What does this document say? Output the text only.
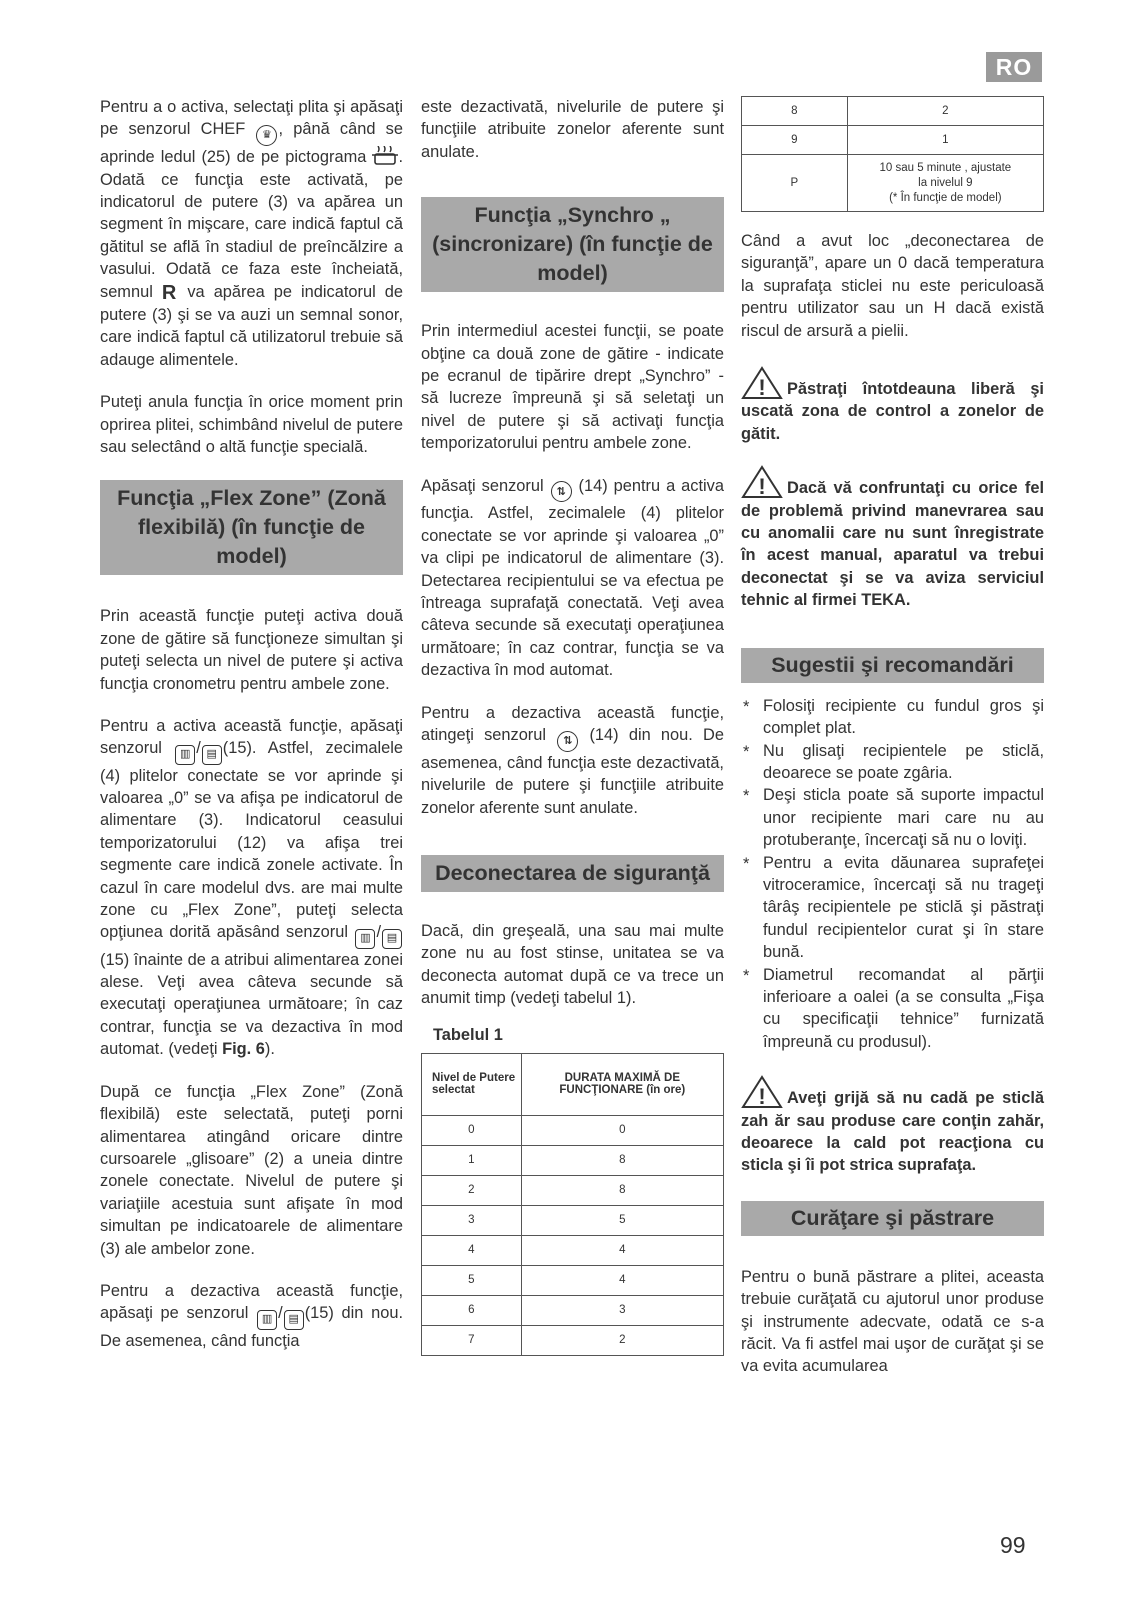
RO

Pentru a o activa, selectaţi plita şi apăsaţi pe senzorul CHEF ♛ , până când se aprinde ledul (25) de pe pictograma . Odată ce funcţia este activată, pe indicatorul de putere (3) va apărea un segment în mişcare, care indică faptul că gătitul se află în stadiul de preîncălzire a vasului. Odată ce faza este încheiată, semnul R va apărea pe indicatorul de putere (3) şi se va auzi un semnal sonor, care indică faptul că utilizatorul trebuie să adauge alimentele.

Puteţi anula funcţia în orice moment prin oprirea plitei, schimbând nivelul de putere sau selectând o altă funcţie specială.

Funcţia „Flex Zone” (Zonă flexibilă) (în funcţie de model)

Prin această funcţie puteţi activa două zone de gătire să funcţioneze simultan şi puteţi selecta un nivel de putere şi activa funcţia cronometru pentru ambele zone.

Pentru a activa această funcţie, apăsaţi senzorul ▥ / ▤ (15). Astfel, zecimalele (4) plitelor conectate se vor aprinde şi valoarea „0” se va afişa pe indicatorul de alimentare (3). Indicatorul ceasului temporizatorului (12) va afişa trei segmente care indică zonele activate. În cazul în care modelul dvs. are mai multe zone cu „Flex Zone”, puteţi selecta opţiunea dorită apăsând senzorul ▥ / ▤(15) înainte de a atribui alimentarea zonei alese. Veţi avea câteva secunde să executaţi operaţiunea următoare; în caz contrar, funcţia se va dezactiva în mod automat. (vedeţi Fig. 6).

După ce funcţia „Flex Zone” (Zonă flexibilă) este selectată, puteţi porni alimentarea atingând oricare dintre cursoarele „glisoare” (2) a uneia dintre zonele conectate. Nivelul de putere şi variaţiile acestuia sunt afişate în mod simultan pe indicatoarele de alimentare (3) ale ambelor zone.

Pentru a dezactiva această funcţie, apăsaţi pe senzorul ▥ / ▤ (15) din nou. De asemenea, când funcţia

este dezactivată, nivelurile de putere şi funcţiile atribuite zonelor aferente sunt anulate.

Funcţia „Synchro „ (sincronizare) (în funcţie de model)

Prin intermediul acestei funcţii, se poate obţine ca două zone de gătire - indicate pe ecranul de tipărire drept „Synchro” - să lucreze împreună şi să seletaţi un nivel de putere şi să activaţi funcţia temporizatorului pentru ambele zone.

Apăsaţi senzorul ⇅ (14) pentru a activa funcţia. Astfel, zecimalele (4) plitelor conectate se vor aprinde şi valoarea „0” va clipi pe indicatorul de alimentare (3). Detectarea recipientului se va efectua pe întreaga suprafaţă conectată. Veţi avea câteva secunde să executaţi operaţiunea următoare; în caz contrar, funcţia se va dezactiva în mod automat.

Pentru a dezactiva această funcţie, atingeţi senzorul ⇅ (14) din nou. De asemenea, când funcţia este dezactivată, nivelurile de putere şi funcţiile atribuite zonelor aferente sunt anulate.

Deconectarea de siguranţă

Dacă, din greşeală, una sau mai multe zone nu au fost stinse, unitatea se va deconecta automat după ce va trece un anumit timp (vedeţi tabelul 1).

Tabelul 1
Nivel de Putere selectat	DURATA MAXIMĂ DE FUNCŢIONARE (în ore)
0	0
1	8
2	8
3	5
4	4
5	4
6	3
7	2
8	2
9	1
P	10 sau 5 minute , ajustate
la nivelul 9
(* În funcţie de model)

Când a avut loc „deconectarea de siguranţă”, apare un 0 dacă temperatura la suprafaţa sticlei nu este periculoasă pentru utilizator sau un H dacă există riscul de arsură a pielii.

! Păstraţi întotdeauna liberă şi uscată zona de control a zonelor de gătit.

! Dacă vă confruntaţi cu orice fel de problemă privind manevrarea sau cu anomalii care nu sunt înregistrate în acest manual, aparatul va trebui deconectat şi se va aviza serviciul tehnic al firmei TEKA.

Sugestii şi recomandări
* Folosiţi recipiente cu fundul gros şi complet plat.
* Nu glisaţi recipientele pe sticlă, deoarece se poate zgâria.
* Deşi sticla poate să suporte impactul unor recipiente mari care nu au protuberanţe, încercaţi să nu o loviţi.
* Pentru a evita dăunarea suprafeţei vitroceramice, încercaţi să nu trageţi târâş recipientele pe sticlă şi păstraţi fundul recipientelor curat şi în stare bună.
* Diametrul recomandat al părţii inferioare a oalei (a se consulta „Fişa cu specificaţii tehnice” furnizată împreună cu produsul).

! Aveţi grijă să nu cadă pe sticlă zah ăr sau produse care conţin zahăr, deoarece la cald pot reacţiona cu sticla şi îi pot strica suprafaţa.

Curăţare şi păstrare

Pentru o bună păstrare a plitei, aceasta trebuie curăţată cu ajutorul unor produse şi instrumente adecvate, odată ce s-a răcit. Va fi astfel mai uşor de curăţat şi se va evita acumularea

99
